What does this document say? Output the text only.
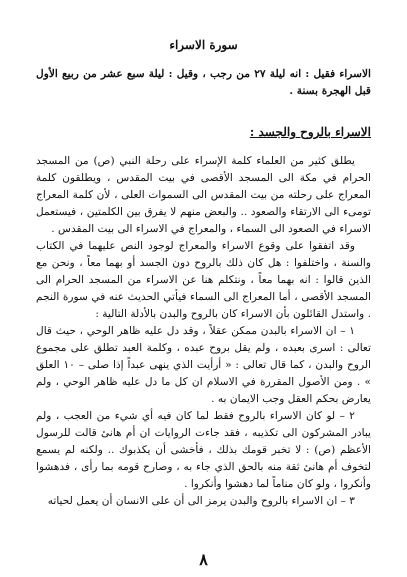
سورة الاسراء

الاسراء فقيل : انه ليلة ٢٧ من رجب ، وقيل : ليلة سبع عشر من ربيع الأول قبل الهجرة بسنة .

الاسراء بالروح والجسد :

يطلق كثير من العلماء كلمة الإسراء على رحلة النبي (ص) من المسجد الحرام في مكة الى المسجد الأقصى في بيت المقدس ، ويطلقون كلمة المعراج على رحلته من بيت المقدس الى السموات العلى ، لأن كلمة المعراج تومىء الى الارتقاء والصعود .. والبعض منهم لا يفرق بين الكلمتين ، فيستعمل الاسراء في الصعود الى السماء ، والمعراج في الاسراء الى بيت المقدس .

وقد اتفقوا على وقوع الاسراء والمعراج لوجود النص عليهما في الكتاب والسنة ، واختلفوا : هل كان ذلك بالروح دون الجسد أو بهما معاً ، ونحن مع الذين قالوا : انه بهما معاً ، ونتكلم هنا عن الاسراء من المسجد الحرام الى المسجد الأقصى ، أما المعراج الى السماء فيأتي الحديث عنه في سورة النجم . واستدل القائلون بأن الاسراء كان بالروح والبدن بالأدلة التالية :

١ – ان الاسراء بالبدن ممكن عقلاً ، وقد دل عليه ظاهر الوحي ، حيث قال تعالى : اسرى بعبده ، ولم يقل بروح عبده ، وكلمة العبد تطلق على مجموع الروح والبدن ، كما قال تعالى : « أرأيت الذي ينهى عبداً إذا صلى – ١٠ العلق » . ومن الأصول المقررة في الاسلام ان كل ما دل عليه ظاهر الوحي ، ولم يعارض بحكم العقل وجب الايمان به .

٢ – لو كان الاسراء بالروح فقط لما كان فيه أي شيء من العجب ، ولم يبادر المشركون الى تكذيبه ، فقد جاءت الروايات ان أم هانئ قالت للرسول الأعظم (ص) : لا تخبر قومك بذلك ، فأخشى أن يكذبوك .. ولكنه لم يسمع لتخوف أم هانئ ثقة منه بالحق الذي جاء به ، وصارح قومه بما رأى ، فدهشوا وأنكروا ، ولو كان مناماً لما دهشوا وأنكروا .

٣ – ان الاسراء بالروح والبدن يرمز الى أن على الانسان أن يعمل لحياته

٨
